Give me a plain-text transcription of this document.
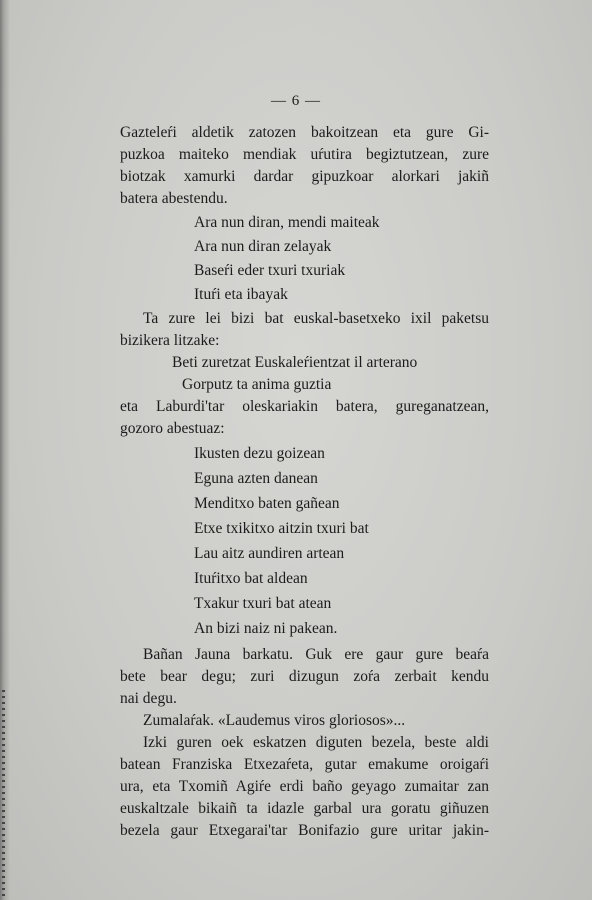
— 6 —
Gazteleŕi aldetik zatozen bakoitzean eta gure Gi-
puzkoa maiteko mendiak uŕutira begiztutzean, zure
biotzak xamurki dardar gipuzkoar alorkari jakiñ
batera abestendu.
Ara nun diran, mendi maiteak
Ara nun diran zelayak
Baseŕi eder txuri txuriak
Ituŕi eta ibayak
Ta zure lei bizi bat euskal-basetxeko ixil paketsu
bizikera litzake:
Beti zuretzat Euskaleŕientzat il arterano
Gorputz ta anima guztia
eta Laburdi'tar oleskariakin batera, gureganatzean,
gozoro abestuaz:
Ikusten dezu goizean
Eguna azten danean
Menditxo baten gañean
Etxe txikitxo aitzin txuri bat
Lau aitz aundiren artean
Ituŕitxo bat aldean
Txakur txuri bat atean
An bizi naiz ni pakean.
Bañan Jauna barkatu. Guk ere gaur gure beaŕa
bete bear degu; zuri dizugun zoŕa zerbait kendu
nai degu.
Zumalaŕak. «Laudemus viros gloriosos»...
Izki guren oek eskatzen diguten bezela, beste aldi
batean Franziska Etxezaŕeta, gutar emakume oroigaŕi
ura, eta Txomiñ Agiŕe erdi baño geyago zumaitar zan
euskaltzale bikaiñ ta idazle garbal ura goratu giñuzen
bezela gaur Etxegarai'tar Bonifazio gure uritar jakin-
